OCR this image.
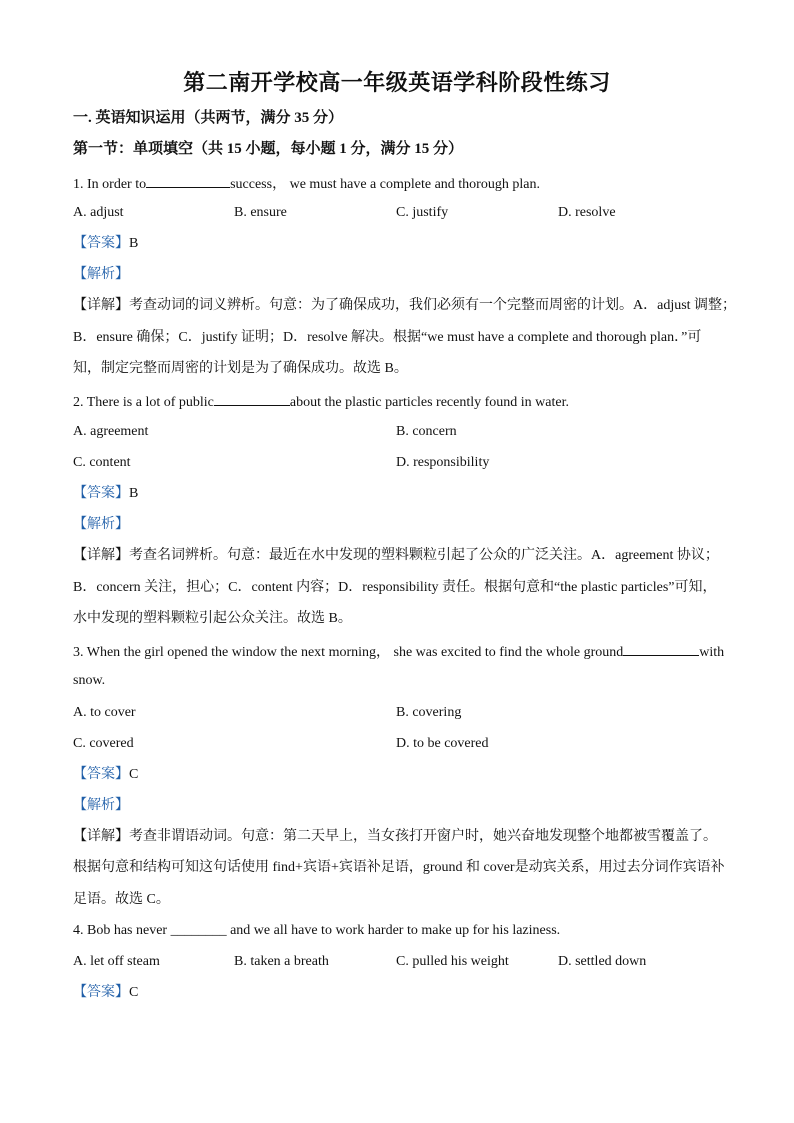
第二南开学校高一年级英语学科阶段性练习
一. 英语知识运用（共两节，满分 35 分）
第一节：单项填空（共 15 小题，每小题 1 分，满分 15 分）
1. In order to	success， we must have a complete and thorough plan.
A. adjust	B. ensure	C. justify	D. resolve
【答案】B
【解析】
【详解】考查动词的词义辨析。句意：为了确保成功，我们必须有一个完整而周密的计划。A．adjust 调整；
B．ensure 确保；C．justify 证明；D．resolve 解决。根据“we must have a complete and thorough plan．”可
知，制定完整而周密的计划是为了确保成功。故选 B。
2. There is a lot of public	about the plastic particles recently found in water.
A. agreement	B. concern
C. content	D. responsibility
【答案】B
【解析】
【详解】考查名词辨析。句意：最近在水中发现的塑料颗粒引起了公众的广泛关注。A．agreement 协议；
B．concern 关注，担心；C．content 内容；D．responsibility 责任。根据句意和“the plastic particles”可知，
水中发现的塑料颗粒引起公众关注。故选 B。
3. When the girl opened the window the next morning， she was excited to find the whole ground	with
snow.
A. to cover	B. covering
C. covered	D. to be covered
【答案】C
【解析】
【详解】考查非谓语动词。句意：第二天早上，当女孩打开窗户时，她兴奋地发现整个地都被雪覆盖了。
根据句意和结构可知这句话使用 find+宾语+宾语补足语，ground 和 cover是动宾关系，用过去分词作宾语补
足语。故选 C。
4. Bob has never ________ and we all have to work harder to make up for his laziness.
A. let off steam	B. taken a breath	C. pulled his weight	D. settled down
【答案】C
